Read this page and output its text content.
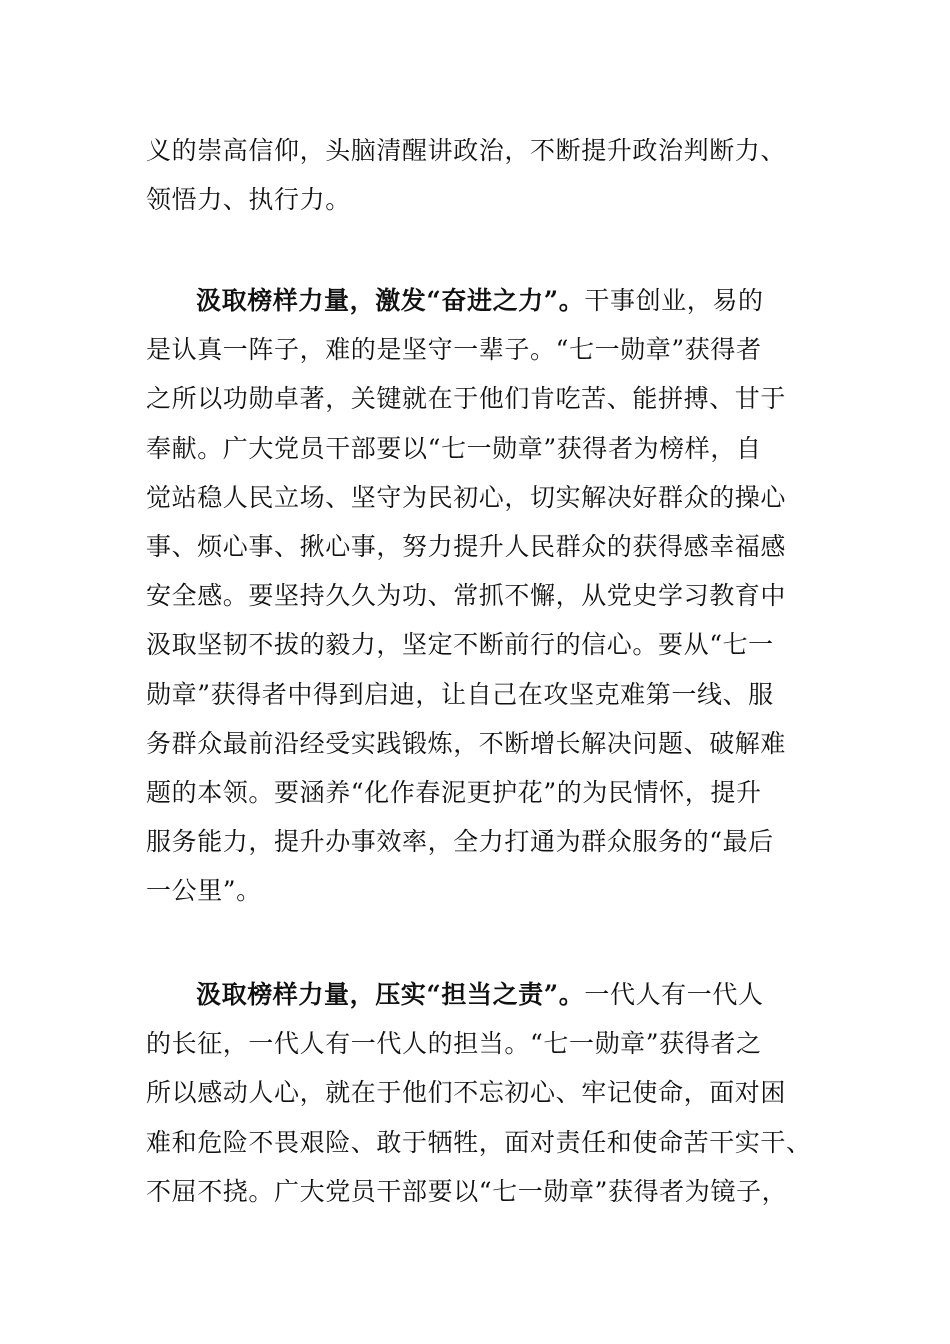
义的崇高信仰，头脑清醒讲政治，不断提升政治判断力、
领悟力、执行力。
汲取榜样力量，激发“奋进之力”。干事创业，易的
是认真一阵子，难的是坚守一辈子。“七一勋章”获得者
之所以功勋卓著，关键就在于他们肯吃苦、能拼搏、甘于
奉献。广大党员干部要以“七一勋章”获得者为榜样，自
觉站稳人民立场、坚守为民初心，切实解决好群众的操心
事、烦心事、揪心事，努力提升人民群众的获得感幸福感
安全感。要坚持久久为功、常抓不懈，从党史学习教育中
汲取坚韧不拔的毅力，坚定不断前行的信心。要从“七一
勋章”获得者中得到启迪，让自己在攻坚克难第一线、服
务群众最前沿经受实践锻炼，不断增长解决问题、破解难
题的本领。要涵养“化作春泥更护花”的为民情怀，提升
服务能力，提升办事效率，全力打通为群众服务的“最后
一公里”。
汲取榜样力量，压实“担当之责”。一代人有一代人
的长征，一代人有一代人的担当。“七一勋章”获得者之
所以感动人心，就在于他们不忘初心、牢记使命，面对困
难和危险不畏艰险、敢于牺牲，面对责任和使命苦干实干、
不屈不挠。广大党员干部要以“七一勋章”获得者为镜子，
